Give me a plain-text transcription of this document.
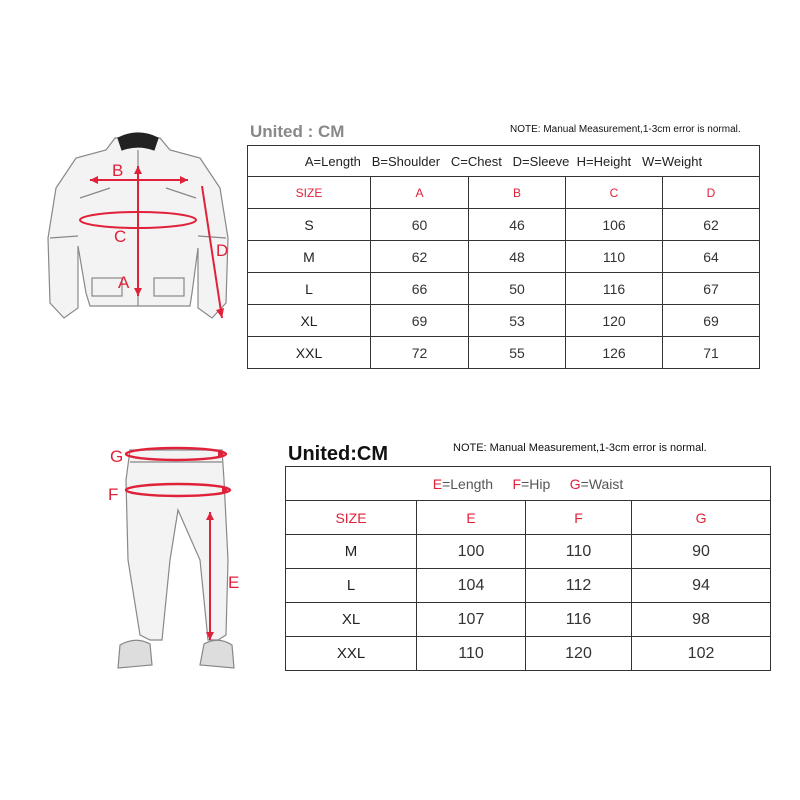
B
C
A
D
United : CM	NOTE: Manual Measurement,1-3cm error is normal.
A=Length   B=Shoulder   C=Chest   D=Sleeve  H=Height   W=Weight				
SIZE	A	B	C	D
S	60	46	106	62
M	62	48	110	64
L	66	50	116	67
XL	69	53	120	69
XXL	72	55	126	71
G
F
E
United:CM	NOTE: Manual Measurement,1-3cm error is normal.
E=Length F=Hip G=Waist			
SIZE	E	F	G
M	100	110	90
L	104	112	94
XL	107	116	98
XXL	110	120	102
